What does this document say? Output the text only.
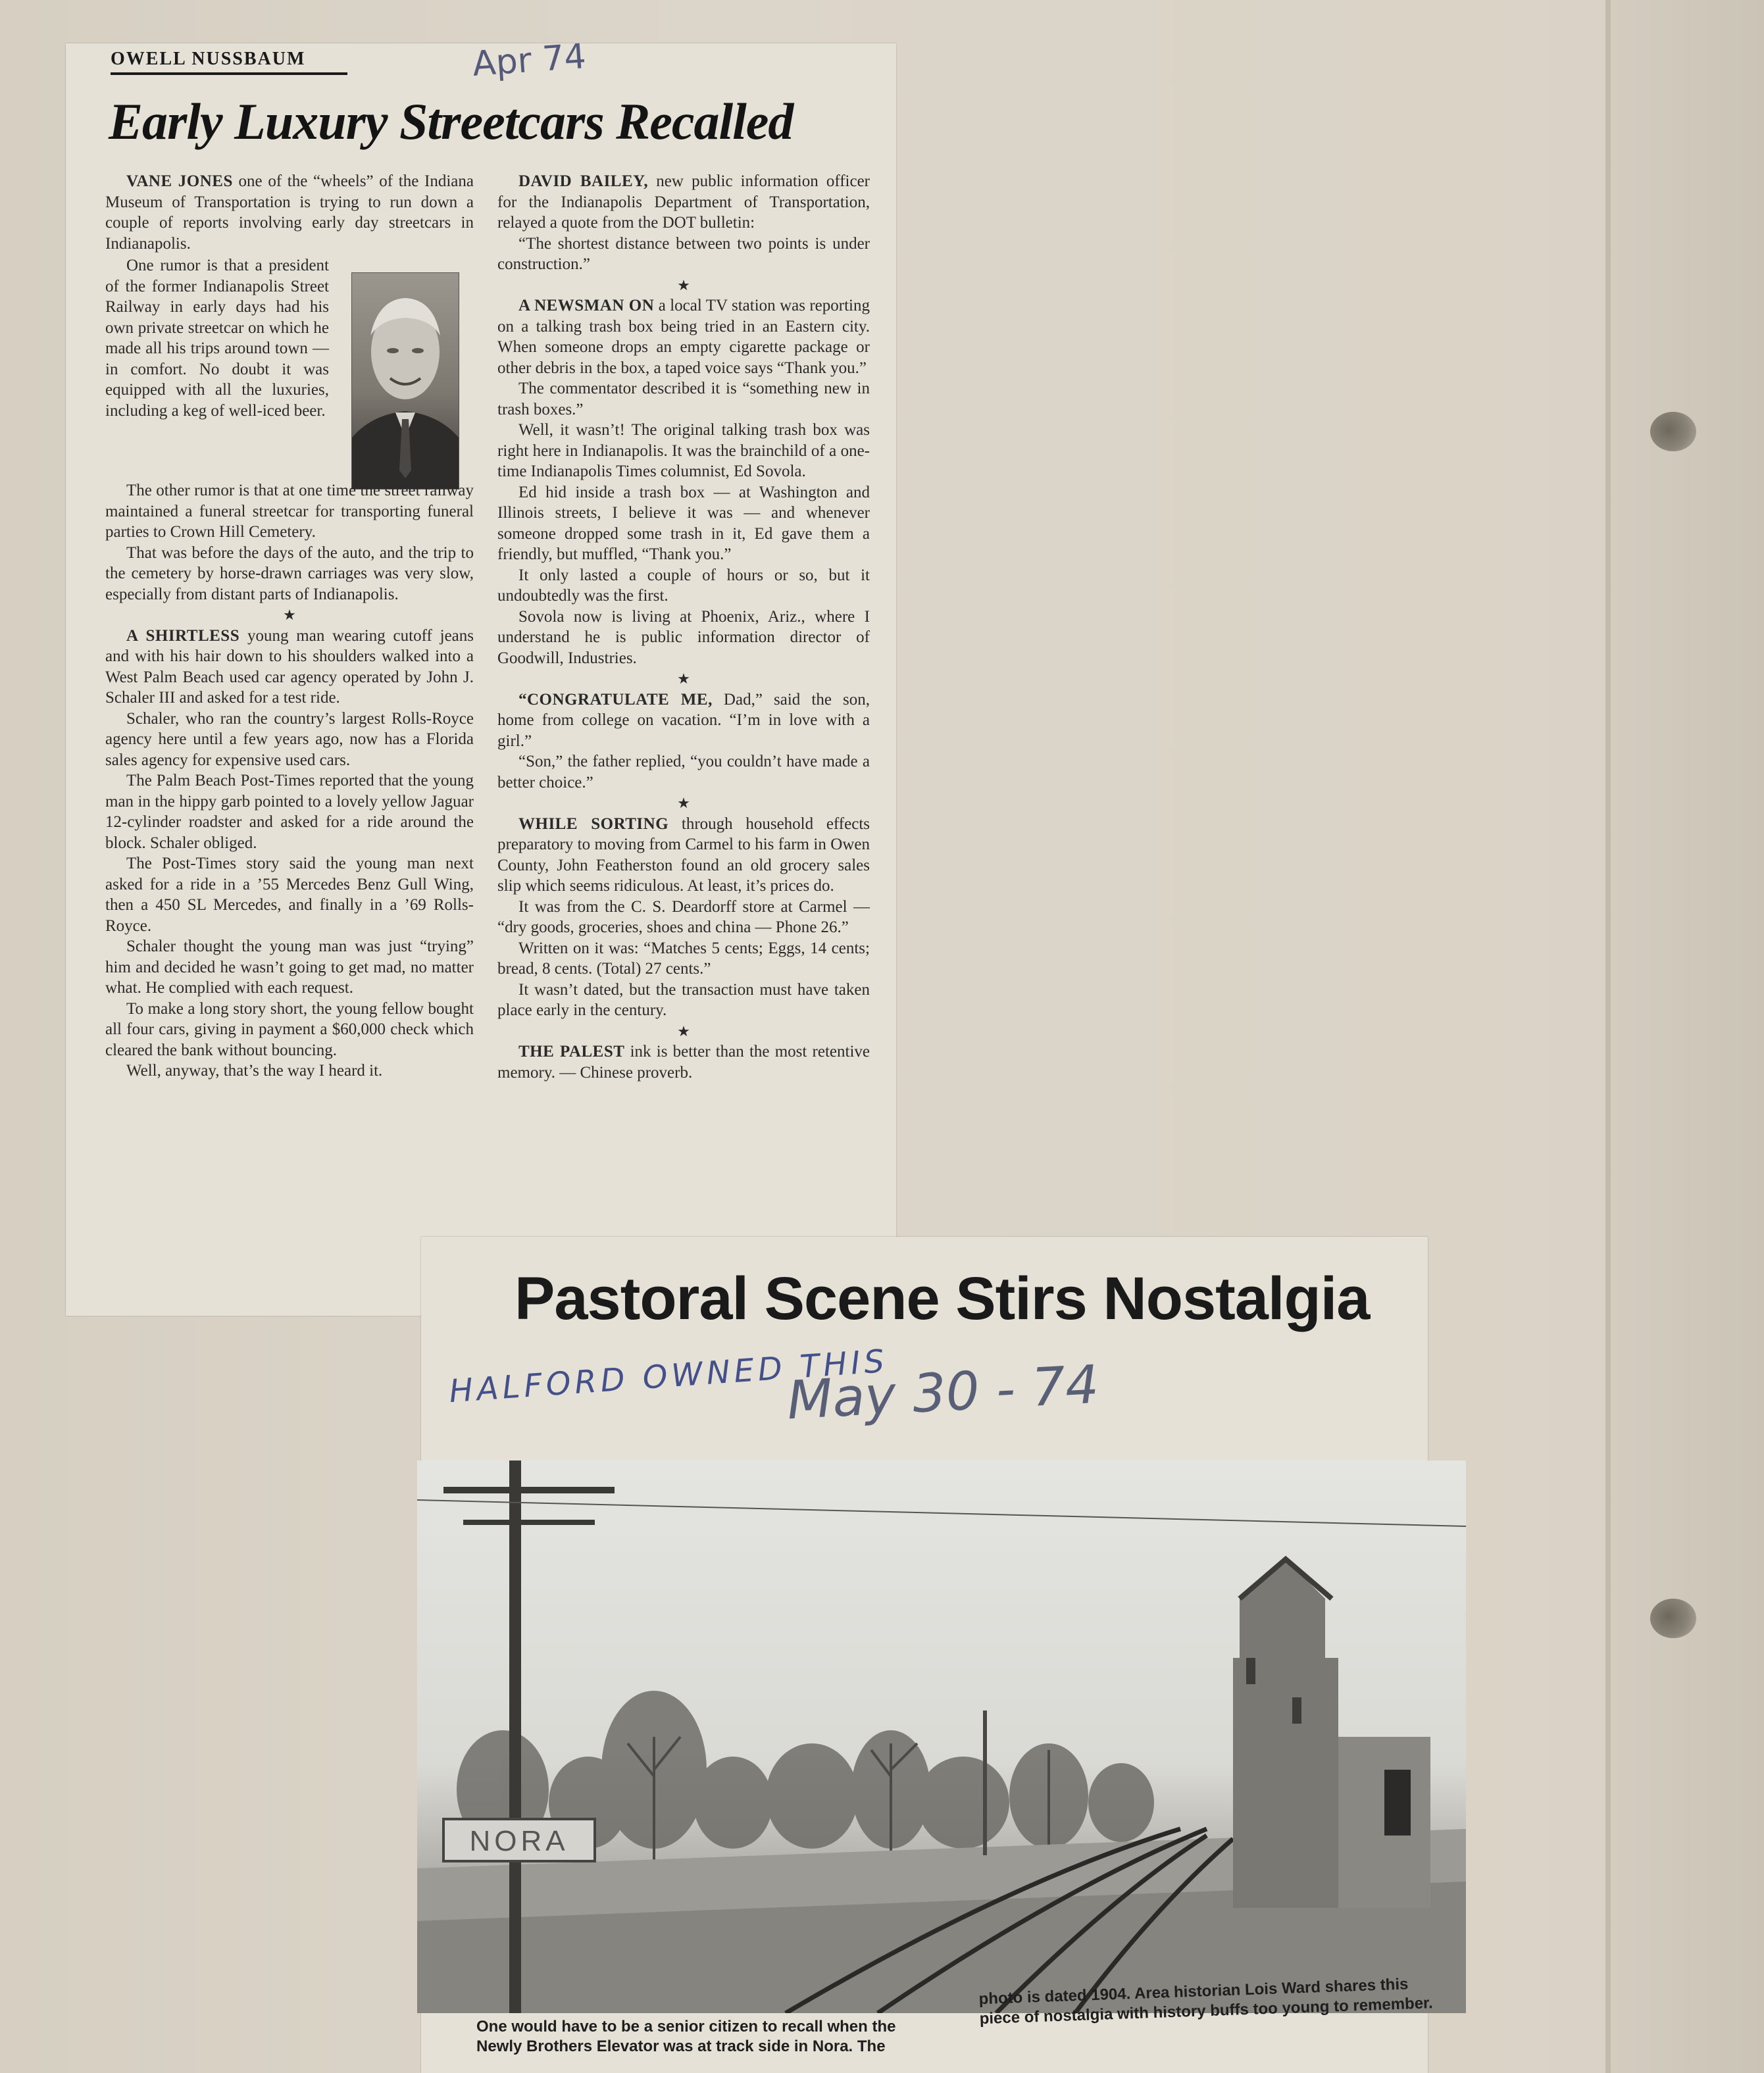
OWELL NUSSBAUM	Apr 74
Early Luxury Streetcars Recalled

VANE JONES one of the “wheels” of the Indiana Museum of Transportation is trying to run down a couple of reports involving early day streetcars in Indianapolis.

One rumor is that a president of the former Indianapolis Street Railway in early days had his own private streetcar on which he made all his trips around town — in comfort. No doubt it was equipped with all the luxuries, including a keg of well-iced beer.

The other rumor is that at one time the street railway maintained a funeral streetcar for transporting funeral parties to Crown Hill Cemetery.

That was before the days of the auto, and the trip to the cemetery by horse-drawn carriages was very slow, especially from distant parts of Indianapolis.

★

A SHIRTLESS young man wearing cutoff jeans and with his hair down to his shoulders walked into a West Palm Beach used car agency operated by John J. Schaler III and asked for a test ride.

Schaler, who ran the country’s largest Rolls-Royce agency here until a few years ago, now has a Florida sales agency for expensive used cars.

The Palm Beach Post-Times reported that the young man in the hippy garb pointed to a lovely yellow Jaguar 12-cylinder roadster and asked for a ride around the block. Schaler obliged.

The Post-Times story said the young man next asked for a ride in a ’55 Mercedes Benz Gull Wing, then a 450 SL Mercedes, and finally in a ’69 Rolls-Royce.

Schaler thought the young man was just “trying” him and decided he wasn’t going to get mad, no matter what. He complied with each request.

To make a long story short, the young fellow bought all four cars, giving in payment a $60,000 check which cleared the bank without bouncing.

Well, anyway, that’s the way I heard it.

DAVID BAILEY, new public information officer for the Indianapolis Department of Transportation, relayed a quote from the DOT bulletin:

“The shortest distance between two points is under construction.”

★

A NEWSMAN ON a local TV station was reporting on a talking trash box being tried in an Eastern city. When someone drops an empty cigarette package or other debris in the box, a taped voice says “Thank you.”

The commentator described it is “something new in trash boxes.”

Well, it wasn’t! The original talking trash box was right here in Indianapolis. It was the brainchild of a one-time Indianapolis Times columnist, Ed Sovola.

Ed hid inside a trash box — at Washington and Illinois streets, I believe it was — and whenever someone dropped some trash in it, Ed gave them a friendly, but muffled, “Thank you.”

It only lasted a couple of hours or so, but it undoubtedly was the first.

Sovola now is living at Phoenix, Ariz., where I understand he is public information director of Goodwill, Industries.

★

“CONGRATULATE ME, Dad,” said the son, home from college on vacation. “I’m in love with a girl.”

“Son,” the father replied, “you couldn’t have made a better choice.”

★

WHILE SORTING through household effects preparatory to moving from Carmel to his farm in Owen County, John Featherston found an old grocery sales slip which seems ridiculous. At least, it’s prices do.

It was from the C. S. Deardorff store at Carmel — “dry goods, groceries, shoes and china — Phone 26.”

Written on it was: “Matches 5 cents; Eggs, 14 cents; bread, 8 cents. (Total) 27 cents.”

It wasn’t dated, but the transaction must have taken place early in the century.

★

THE PALEST ink is better than the most retentive memory. — Chinese proverb.

Pastoral Scene Stirs Nostalgia
HALFORD OWNED THIS
May 30 - 74
NORA
One would have to be a senior citizen to recall when the Newly Brothers Elevator was at track side in Nora. The
photo is dated 1904. Area historian Lois Ward shares this piece of nostalgia with history buffs too young to remember.
